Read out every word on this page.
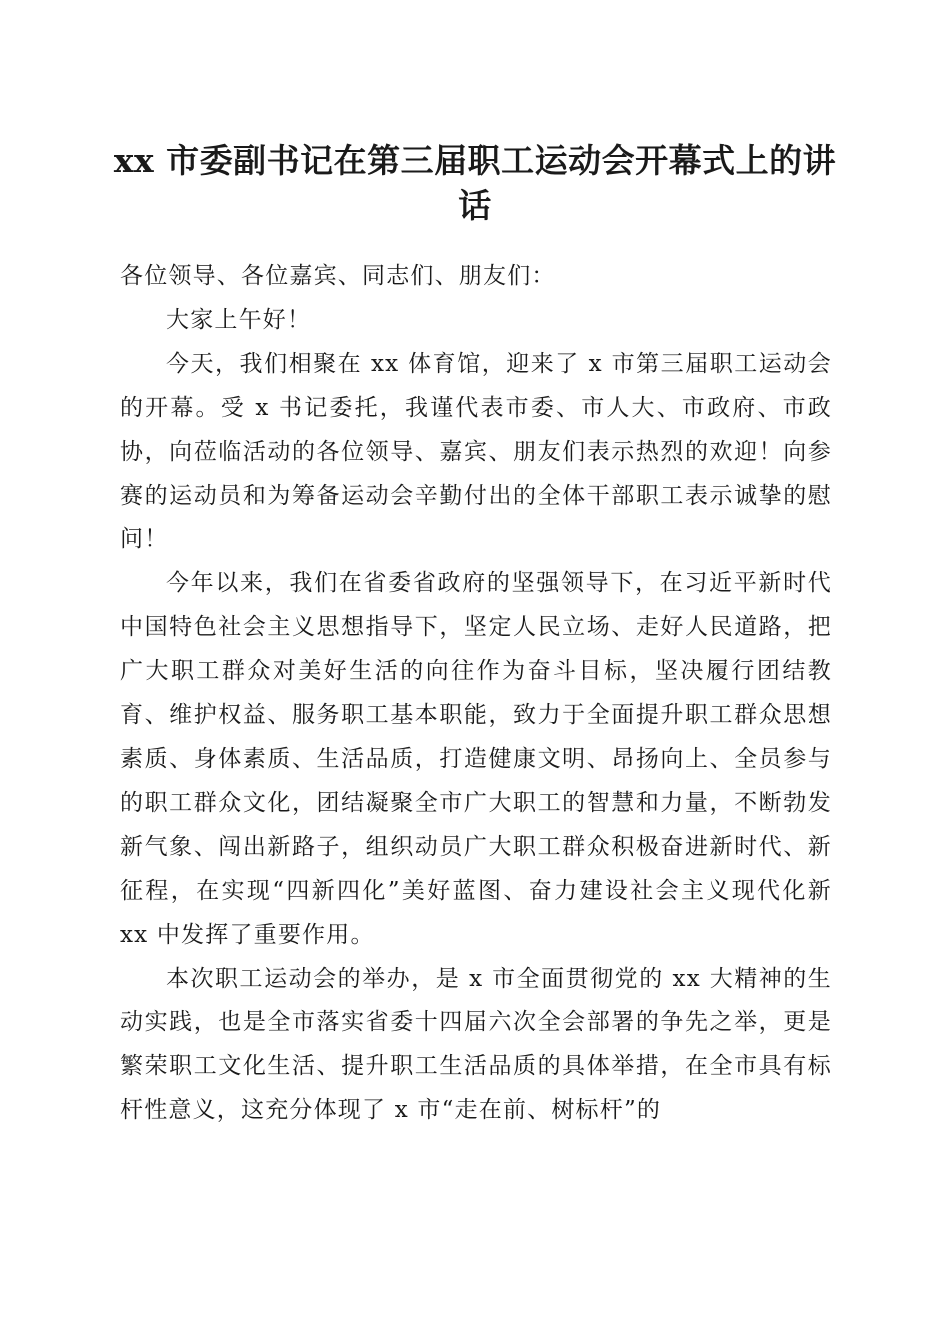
xx 市委副书记在第三届职工运动会开幕式上的讲话

各位领导、各位嘉宾、同志们、朋友们：

大家上午好！

今天，我们相聚在 xx 体育馆，迎来了 x 市第三届职工运动会的开幕。受 x 书记委托，我谨代表市委、市人大、市政府、市政协，向莅临活动的各位领导、嘉宾、朋友们表示热烈的欢迎！向参赛的运动员和为筹备运动会辛勤付出的全体干部职工表示诚挚的慰问！

今年以来，我们在省委省政府的坚强领导下，在习近平新时代中国特色社会主义思想指导下，坚定人民立场、走好人民道路，把广大职工群众对美好生活的向往作为奋斗目标，坚决履行团结教育、维护权益、服务职工基本职能，致力于全面提升职工群众思想素质、身体素质、生活品质，打造健康文明、昂扬向上、全员参与的职工群众文化，团结凝聚全市广大职工的智慧和力量，不断勃发新气象、闯出新路子，组织动员广大职工群众积极奋进新时代、新征程，在实现“四新四化”美好蓝图、奋力建设社会主义现代化新 xx 中发挥了重要作用。

本次职工运动会的举办，是 x 市全面贯彻党的 xx 大精神的生动实践，也是全市落实省委十四届六次全会部署的争先之举，更是繁荣职工文化生活、提升职工生活品质的具体举措，在全市具有标杆性意义，这充分体现了 x 市“走在前、树标杆”的
